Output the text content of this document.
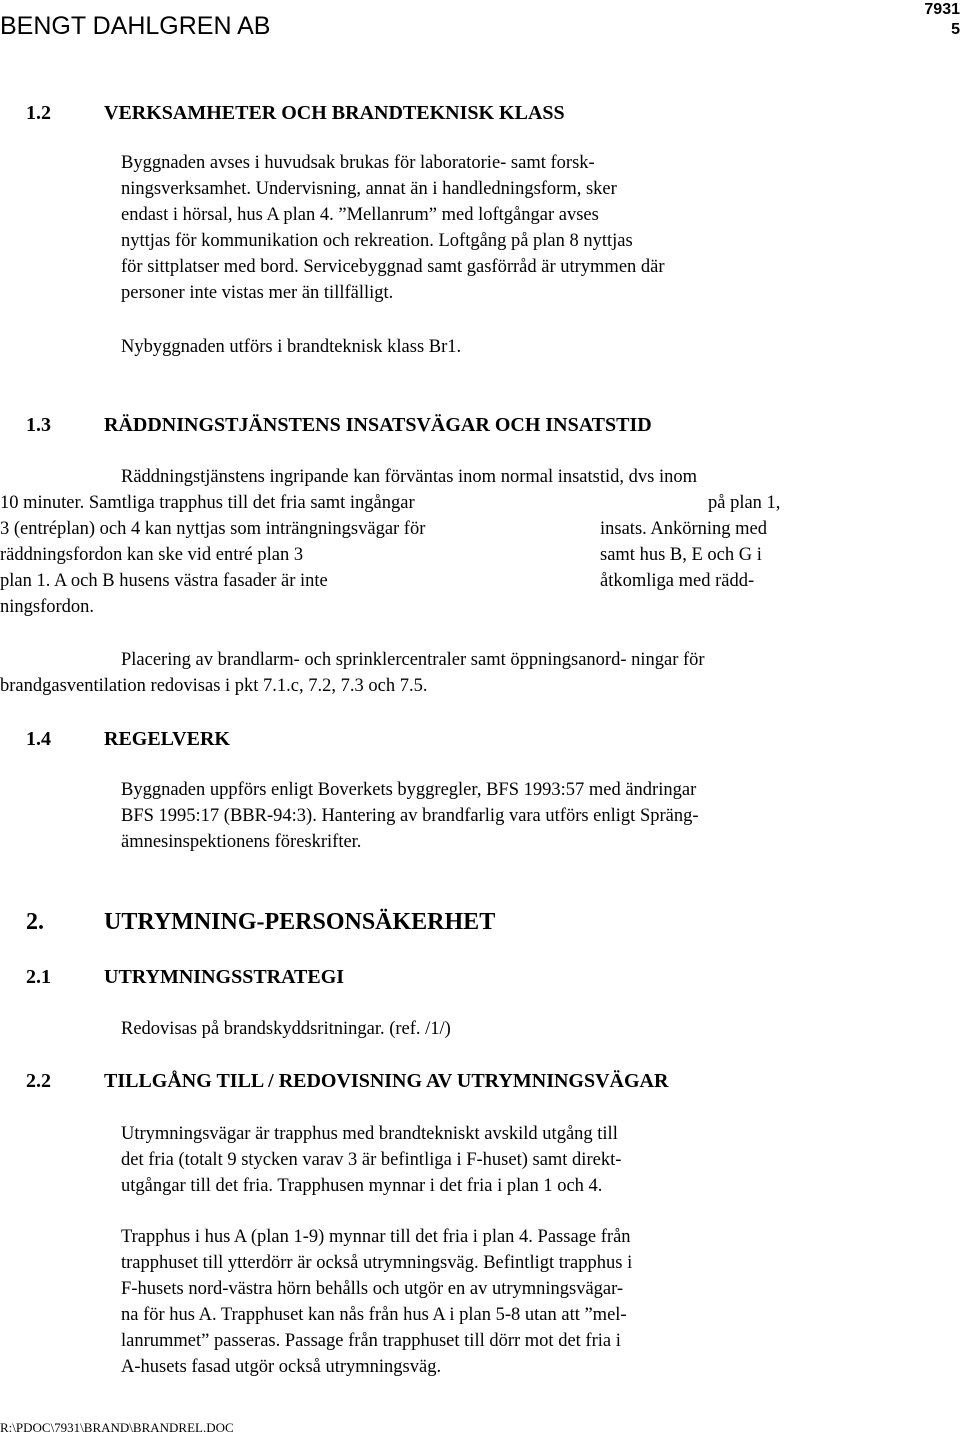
BENGT DAHLGREN AB
7931
5
1.2	VERKSAMHETER OCH BRANDTEKNISK KLASS
Byggnaden avses i huvudsak brukas för laboratorie- samt forsk-
ningsverksamhet. Undervisning, annat än i handledningsform, sker
endast i hörsal, hus A plan 4. ”Mellanrum” med loftgångar avses
nyttjas för kommunikation och rekreation. Loftgång på plan 8 nyttjas
för sittplatser med bord. Servicebyggnad samt gasförråd är utrymmen där
personer inte vistas mer än tillfälligt.
Nybyggnaden utförs i brandteknisk klass Br1.
1.3	RÄDDNINGSTJÄNSTENS INSATSVÄGAR OCH INSATSTID
Räddningstjänstens ingripande kan förväntas inom normal insatstid, dvs inom
10 minuter. Samtliga trapphus till det fria samt ingångar	på plan 1,
3 (entréplan) och 4 kan nyttjas som inträngningsvägar för	insats. Ankörning med
räddningsfordon kan ske vid entré plan 3	samt hus B, E och G i
plan 1. A och B husens västra fasader är inte	åtkomliga med rädd-
ningsfordon.
Placering av brandlarm- och sprinklercentraler samt öppningsanord- ningar för
brandgasventilation redovisas i pkt 7.1.c, 7.2, 7.3 och 7.5.
1.4	REGELVERK
Byggnaden uppförs enligt Boverkets byggregler, BFS 1993:57 med ändringar
BFS 1995:17 (BBR-94:3). Hantering av brandfarlig vara utförs enligt Spräng-
ämnesinspektionens föreskrifter.
2.	UTRYMNING-PERSONSÄKERHET
2.1	UTRYMNINGSSTRATEGI
Redovisas på brandskyddsritningar. (ref. /1/)
2.2	TILLGÅNG TILL / REDOVISNING AV UTRYMNINGSVÄGAR
Utrymningsvägar är trapphus med brandtekniskt avskild utgång till
det fria (totalt 9 stycken varav 3 är befintliga i F-huset) samt direkt-
utgångar till det fria. Trapphusen mynnar i det fria i plan 1 och 4.
Trapphus i hus A (plan 1-9) mynnar till det fria i plan 4. Passage från
trapphuset till ytterdörr är också utrymningsväg. Befintligt trapphus i
F-husets nord-västra hörn behålls och utgör en av utrymningsvägar-
na för hus A. Trapphuset kan nås från hus A i plan 5-8 utan att ”mel-
lanrummet” passeras. Passage från trapphuset till dörr mot det fria i
A-husets fasad utgör också utrymningsväg.
R:\PDOC\7931\BRAND\BRANDREL.DOC
